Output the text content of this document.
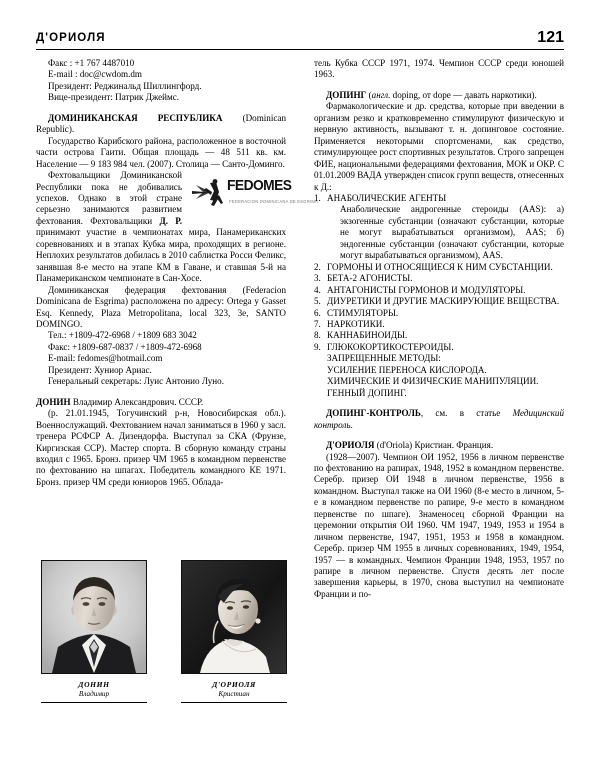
Д'ОРИОЛЯ	121

Факс : +1 767 4487010

E-mail : doc@cwdom.dm

Президент: Реджинальд Шиллингфорд.

Вице-президент: Патрик Джеймс.

ДОМИНИКАНСКАЯ РЕСПУБЛИКА (Dominican Republic).

Государство Карибского района, расположенное в восточной части острова Гаити. Общая площадь — 48 511 кв. км. Население — 9 183 984 чел. (2007). Столица — Санто-Доминго.

FEDOMES
FEDERACION DOMINICANA DE ESGRIMA
Фехтовальщики Доминиканской Республики пока не добивались успехов. Однако в этой стране серьезно занимаются развитием фехтования. Фехтовальщики Д. Р. принимают участие в чемпионатах мира, Панамериканских соревнованиях и в этапах Кубка мира, проходящих в регионе. Неплохих результатов добилась в 2010 саблистка Росси Феликс, занявшая 8-е место на этапе КМ в Гаване, и ставшая 5-й на Панамериканском чемпионате в Сан-Хосе.

Доминиканская федерация фехтования (Federacion Dominicana de Esgrima) расположена по адресу: Ortega y Gasset Esq. Kennedy, Plaza Metropolitana, local 323, 3e, SANTO DOMINGO.

Тел.: +1809-472-6968 / +1809 683 3042

Факс: +1809-687-0837 / +1809-472-6968

E-mail: fedomes@hotmail.com

Президент: Хуниор Ариас.

Генеральный секретарь: Луис Антонио Луно.

ДОНИН Владимир Александрович. СССР.

(р. 21.01.1945, Тогучинский р-н, Новосибирская обл.). Военнослужащий. Фехтованием начал заниматься в 1960 у засл. тренера РСФСР А. Дизендорфа. Выступал за СКА (Фрунзе, Киргизская ССР). Мастер спорта. В сборную команду страны входил с 1965. Бронз. призер ЧМ 1965 в командном первенстве по фехтованию на шпагах. Победитель командного КЕ 1971. Бронз. призер ЧМ среди юниоров 1965. Облада-

тель Кубка СССР 1971, 1974. Чемпион СССР среди юношей 1963.

ДОПИНГ (англ. doping, от dope — давать наркотики).

Фармакологические и др. средства, которые при введении в организм резко и кратковременно стимулируют физическую и нервную активность, вызывают т. н. допинговое состояние. Применяется некоторыми спортсменами, как средство, стимулирующее рост спортивных результатов. Строго запрещен ФИЕ, национальными федерациями фехтования, МОК и ОКР. С 01.01.2009 ВАДА утвержден список групп веществ, отнесенных к Д.:

1. АНАБОЛИЧЕСКИЕ АГЕНТЫ

Анаболические андрогенные стероиды (AAS): а) экзогенные субстанции (означают субстанции, которые не могут вырабатываться организмом), AAS; б) эндогенные субстанции (означают субстанции, которые могут вырабатываться организмом), AAS.

2. ГОРМОНЫ И ОТНОСЯЩИЕСЯ К НИМ СУБСТАНЦИИ.
3. БЕТА-2 АГОНИСТЫ.
4. АНТАГОНИСТЫ ГОРМОНОВ И МОДУЛЯТОРЫ.
5. ДИУРЕТИКИ И ДРУГИЕ МАСКИРУЮЩИЕ ВЕЩЕСТВА.
6. СТИМУЛЯТОРЫ.
7. НАРКОТИКИ.
8. КАННАБИНОИДЫ.
9. ГЛЮКОКОРТИКОСТЕРОИДЫ.

ЗАПРЕЩЕННЫЕ МЕТОДЫ:

УСИЛЕНИЕ ПЕРЕНОСА КИСЛОРОДА.

ХИМИЧЕСКИЕ И ФИЗИЧЕСКИЕ МАНИПУЛЯЦИИ.

ГЕННЫЙ ДОПИНГ.

ДОПИНГ-КОНТРОЛЬ, см. в статье Медицинский контроль.

Д'ОРИОЛЯ (d'Oriola) Кристиан. Франция.

(1928—2007). Чемпион ОИ 1952, 1956 в личном первенстве по фехтованию на рапирах, 1948, 1952 в командном первенстве. Серебр. призер ОИ 1948 в личном первенстве, 1956 в командном. Выступал также на ОИ 1960 (8-е место в личном, 5-е в командном первенстве по рапире, 9-е место в командном первенстве по шпаге). Знаменосец сборной Франции на церемонии открытия ОИ 1960. ЧМ 1947, 1949, 1953 и 1954 в личном первенстве, 1947, 1951, 1953 и 1958 в командном. Серебр. призер ЧМ 1955 в личных соревнованиях, 1949, 1954, 1957 — в командных. Чемпион Франции 1948, 1953, 1957 по рапире в личном первенстве. Спустя десять лет после завершения карьеры, в 1970, снова выступил на чемпионате Франции и по-

ДОНИН
Владимир
Д'ОРИОЛЯ
Кристиан
